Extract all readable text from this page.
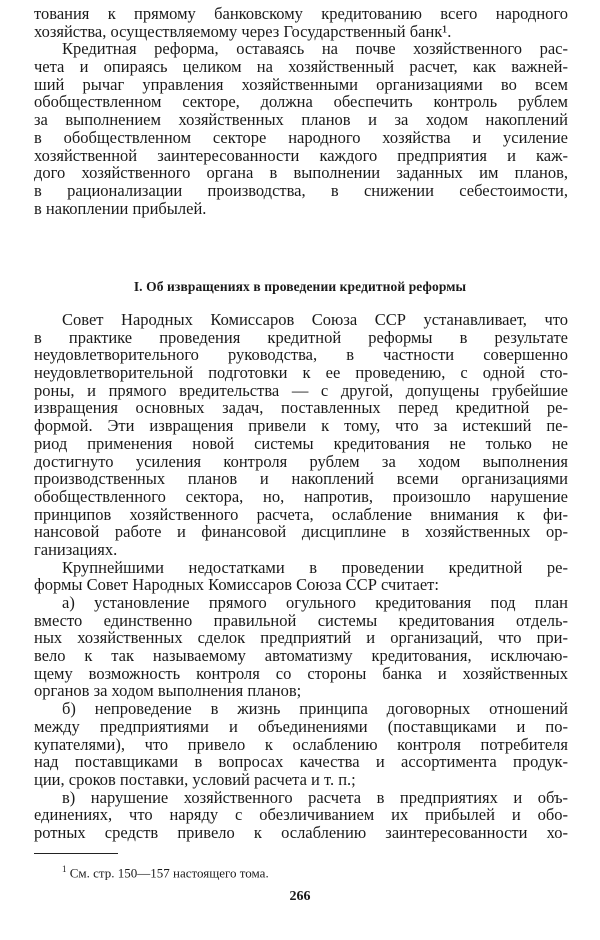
тования к прямому банковскому кредитованию всего народного
хозяйства, осуществляемому через Государственный банк¹.
Кредитная реформа, оставаясь на почве хозяйственного рас-
чета и опираясь целиком на хозяйственный расчет, как важней-
ший рычаг управления хозяйственными организациями во всем
обобществленном секторе, должна обеспечить контроль рублем
за выполнением хозяйственных планов и за ходом накоплений
в обобществленном секторе народного хозяйства и усиление
хозяйственной заинтересованности каждого предприятия и каж-
дого хозяйственного органа в выполнении заданных им планов,
в рационализации производства, в снижении себестоимости,
в накоплении прибылей.
I. Об извращениях в проведении кредитной реформы
Совет Народных Комиссаров Союза ССР устанавливает, что
в практике проведения кредитной реформы в результате
неудовлетворительного руководства, в частности совершенно
неудовлетворительной подготовки к ее проведению, с одной сто-
роны, и прямого вредительства — с другой, допущены грубейшие
извращения основных задач, поставленных перед кредитной ре-
формой. Эти извращения привели к тому, что за истекший пе-
риод применения новой системы кредитования не только не
достигнуто усиления контроля рублем за ходом выполнения
производственных планов и накоплений всеми организациями
обобществленного сектора, но, напротив, произошло нарушение
принципов хозяйственного расчета, ослабление внимания к фи-
нансовой работе и финансовой дисциплине в хозяйственных ор-
ганизациях.
Крупнейшими недостатками в проведении кредитной ре-
формы Совет Народных Комиссаров Союза ССР считает:
а) установление прямого огульного кредитования под план
вместо единственно правильной системы кредитования отдель-
ных хозяйственных сделок предприятий и организаций, что при-
вело к так называемому автоматизму кредитования, исключаю-
щему возможность контроля со стороны банка и хозяйственных
органов за ходом выполнения планов;
б) непроведение в жизнь принципа договорных отношений
между предприятиями и объединениями (поставщиками и по-
купателями), что привело к ослаблению контроля потребителя
над поставщиками в вопросах качества и ассортимента продук-
ции, сроков поставки, условий расчета и т. п.;
в) нарушение хозяйственного расчета в предприятиях и объ-
единениях, что наряду с обезличиванием их прибылей и обо-
ротных средств привело к ослаблению заинтересованности хо-
$^1$ См. стр. 150—157 настоящего тома.
266
